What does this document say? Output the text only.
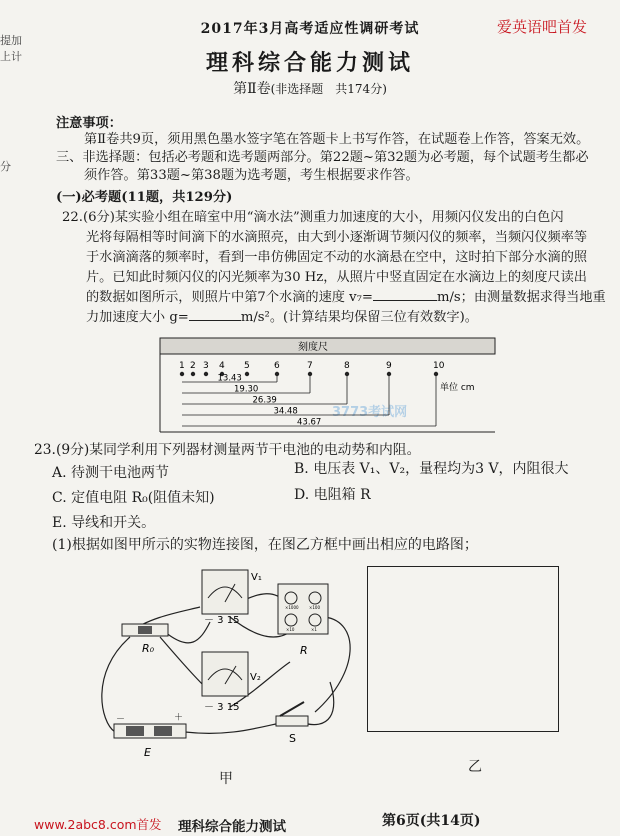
提加
上计
分
2017年3月高考适应性调研考试	爱英语吧首发
理科综合能力测试
第Ⅱ卷(非选择题　共174分)
注意事项：
第Ⅱ卷共9页，须用黑色墨水签字笔在答题卡上书写作答，在试题卷上作答，答案无效。
三、非选择题：包括必考题和选考题两部分。第22题~第32题为必考题，每个试题考生都必
须作答。第33题~第38题为选考题，考生根据要求作答。
(一)必考题(11题，共129分)
22.(6分)某实验小组在暗室中用“滴水法”测重力加速度的大小，用频闪仪发出的白色闪
光将每隔相等时间滴下的水滴照亮，由大到小逐渐调节频闪仪的频率，当频闪仪频率等
于水滴滴落的频率时，看到一串仿佛固定不动的水滴悬在空中，这时拍下部分水滴的照
片。已知此时频闪仪的闪光频率为30 Hz，从照片中竖直固定在水滴边上的刻度尺读出
的数据如图所示，则照片中第7个水滴的速度 v₇=	m/s；由测量数据求得当地重
力加速度大小 g=	m/s²。(计算结果均保留三位有效数字)。
刻度尺
单位 cm
3773考试网
1 2 3 4 5	6	7	8	9	10
13.43
19.30
26.39
34.48
43.67
23.(9分)某同学利用下列器材测量两节干电池的电动势和内阻。
A. 待测干电池两节	B. 电压表 V₁、V₂，量程均为3 V，内阻很大
C. 定值电阻 R₀(阻值未知)	D. 电阻箱 R
E. 导线和开关。
(1)根据如图甲所示的实物连接图，在图乙方框中画出相应的电路图；
V₁
－ 3 15
×1000	×100
×10	×1
R
R₀
V₂
－ 3 15
－	＋
E
S
甲
乙
www.2abc8.com首发 理科综合能力测试	第6页(共14页)
